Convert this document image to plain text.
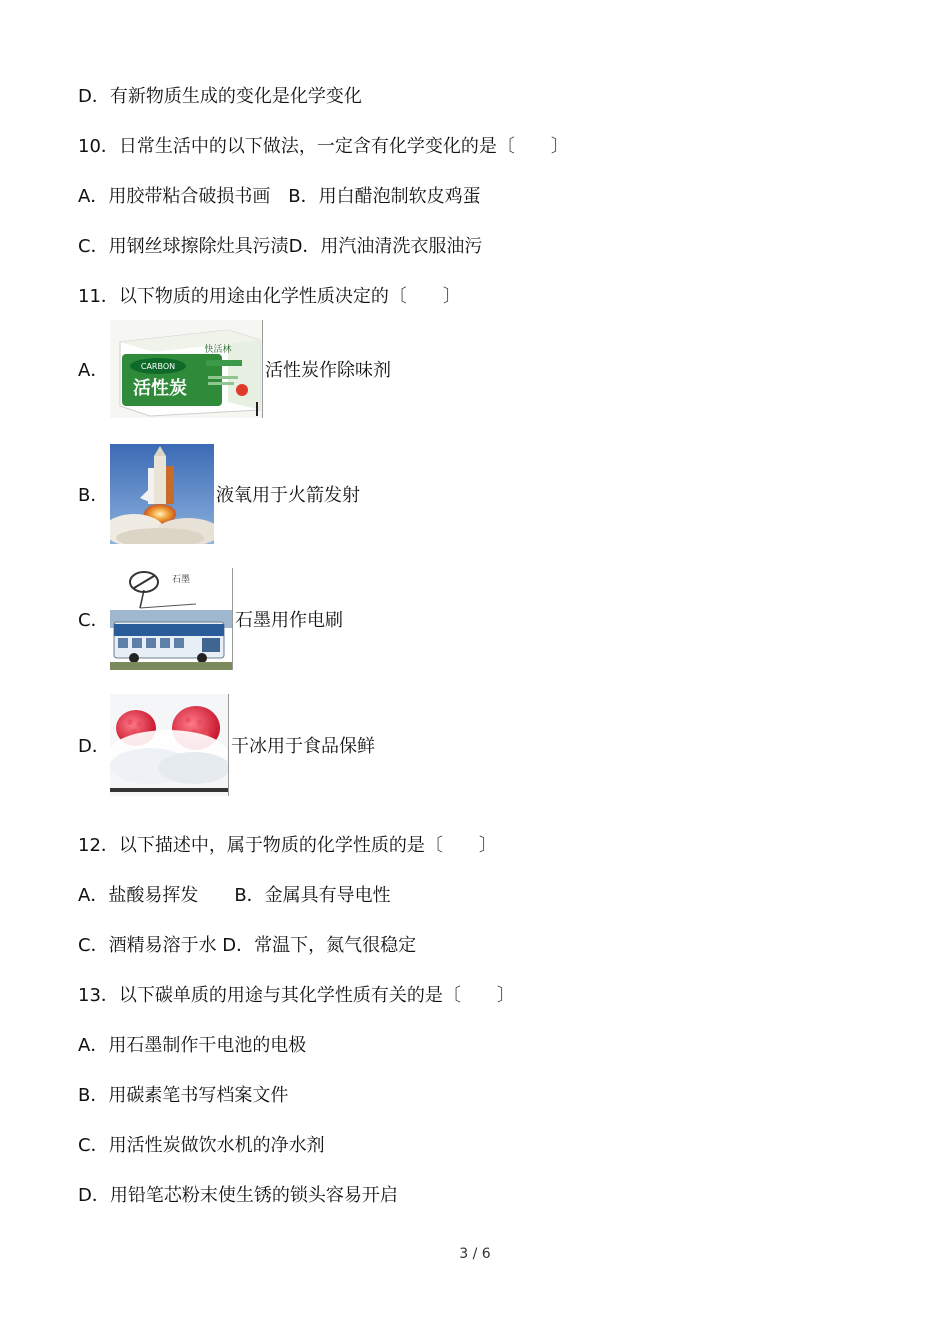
D．有新物质生成的变化是化学变化
10．日常生活中的以下做法，一定含有化学变化的是〔　　〕
A．用胶带粘合破损书画　B．用白醋泡制软皮鸡蛋
C．用钢丝球擦除灶具污渍D．用汽油清洗衣服油污
11．以下物质的用途由化学性质决定的〔　　〕
A．	CARBON
活性炭
快活林
活性炭作除味剂
B．	液氧用于火箭发射
C．
石墨
石墨用作电刷
D．	干冰用于食品保鲜
12．以下描述中，属于物质的化学性质的是〔　　〕
A．盐酸易挥发　　B．金属具有导电性
C．酒精易溶于水 D．常温下，氮气很稳定
13．以下碳单质的用途与其化学性质有关的是〔　　〕
A．用石墨制作干电池的电极
B．用碳素笔书写档案文件
C．用活性炭做饮水机的净水剂
D．用铅笔芯粉末使生锈的锁头容易开启
3 / 6
